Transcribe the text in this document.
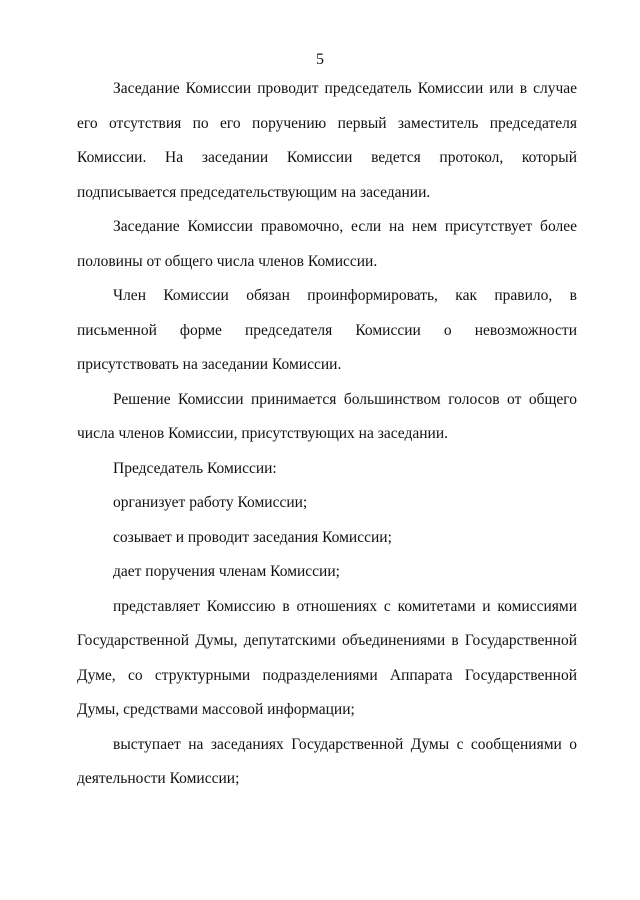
5

Заседание Комиссии проводит председатель Комиссии или в случае его отсутствия по его поручению первый заместитель председателя Комиссии. На заседании Комиссии ведется протокол, который подписывается председательствующим на заседании.

Заседание Комиссии правомочно, если на нем присутствует более половины от общего числа членов Комиссии.

Член Комиссии обязан проинформировать, как правило, в письменной форме председателя Комиссии о невозможности присутствовать на заседании Комиссии.

Решение Комиссии принимается большинством голосов от общего числа членов Комиссии, присутствующих на заседании.

Председатель Комиссии:

организует работу Комиссии;

созывает и проводит заседания Комиссии;

дает поручения членам Комиссии;

представляет Комиссию в отношениях с комитетами и комиссиями Государственной Думы, депутатскими объединениями в Государственной Думе, со структурными подразделениями Аппарата Государственной Думы, средствами массовой информации;

выступает на заседаниях Государственной Думы с сообщениями о деятельности Комиссии;
